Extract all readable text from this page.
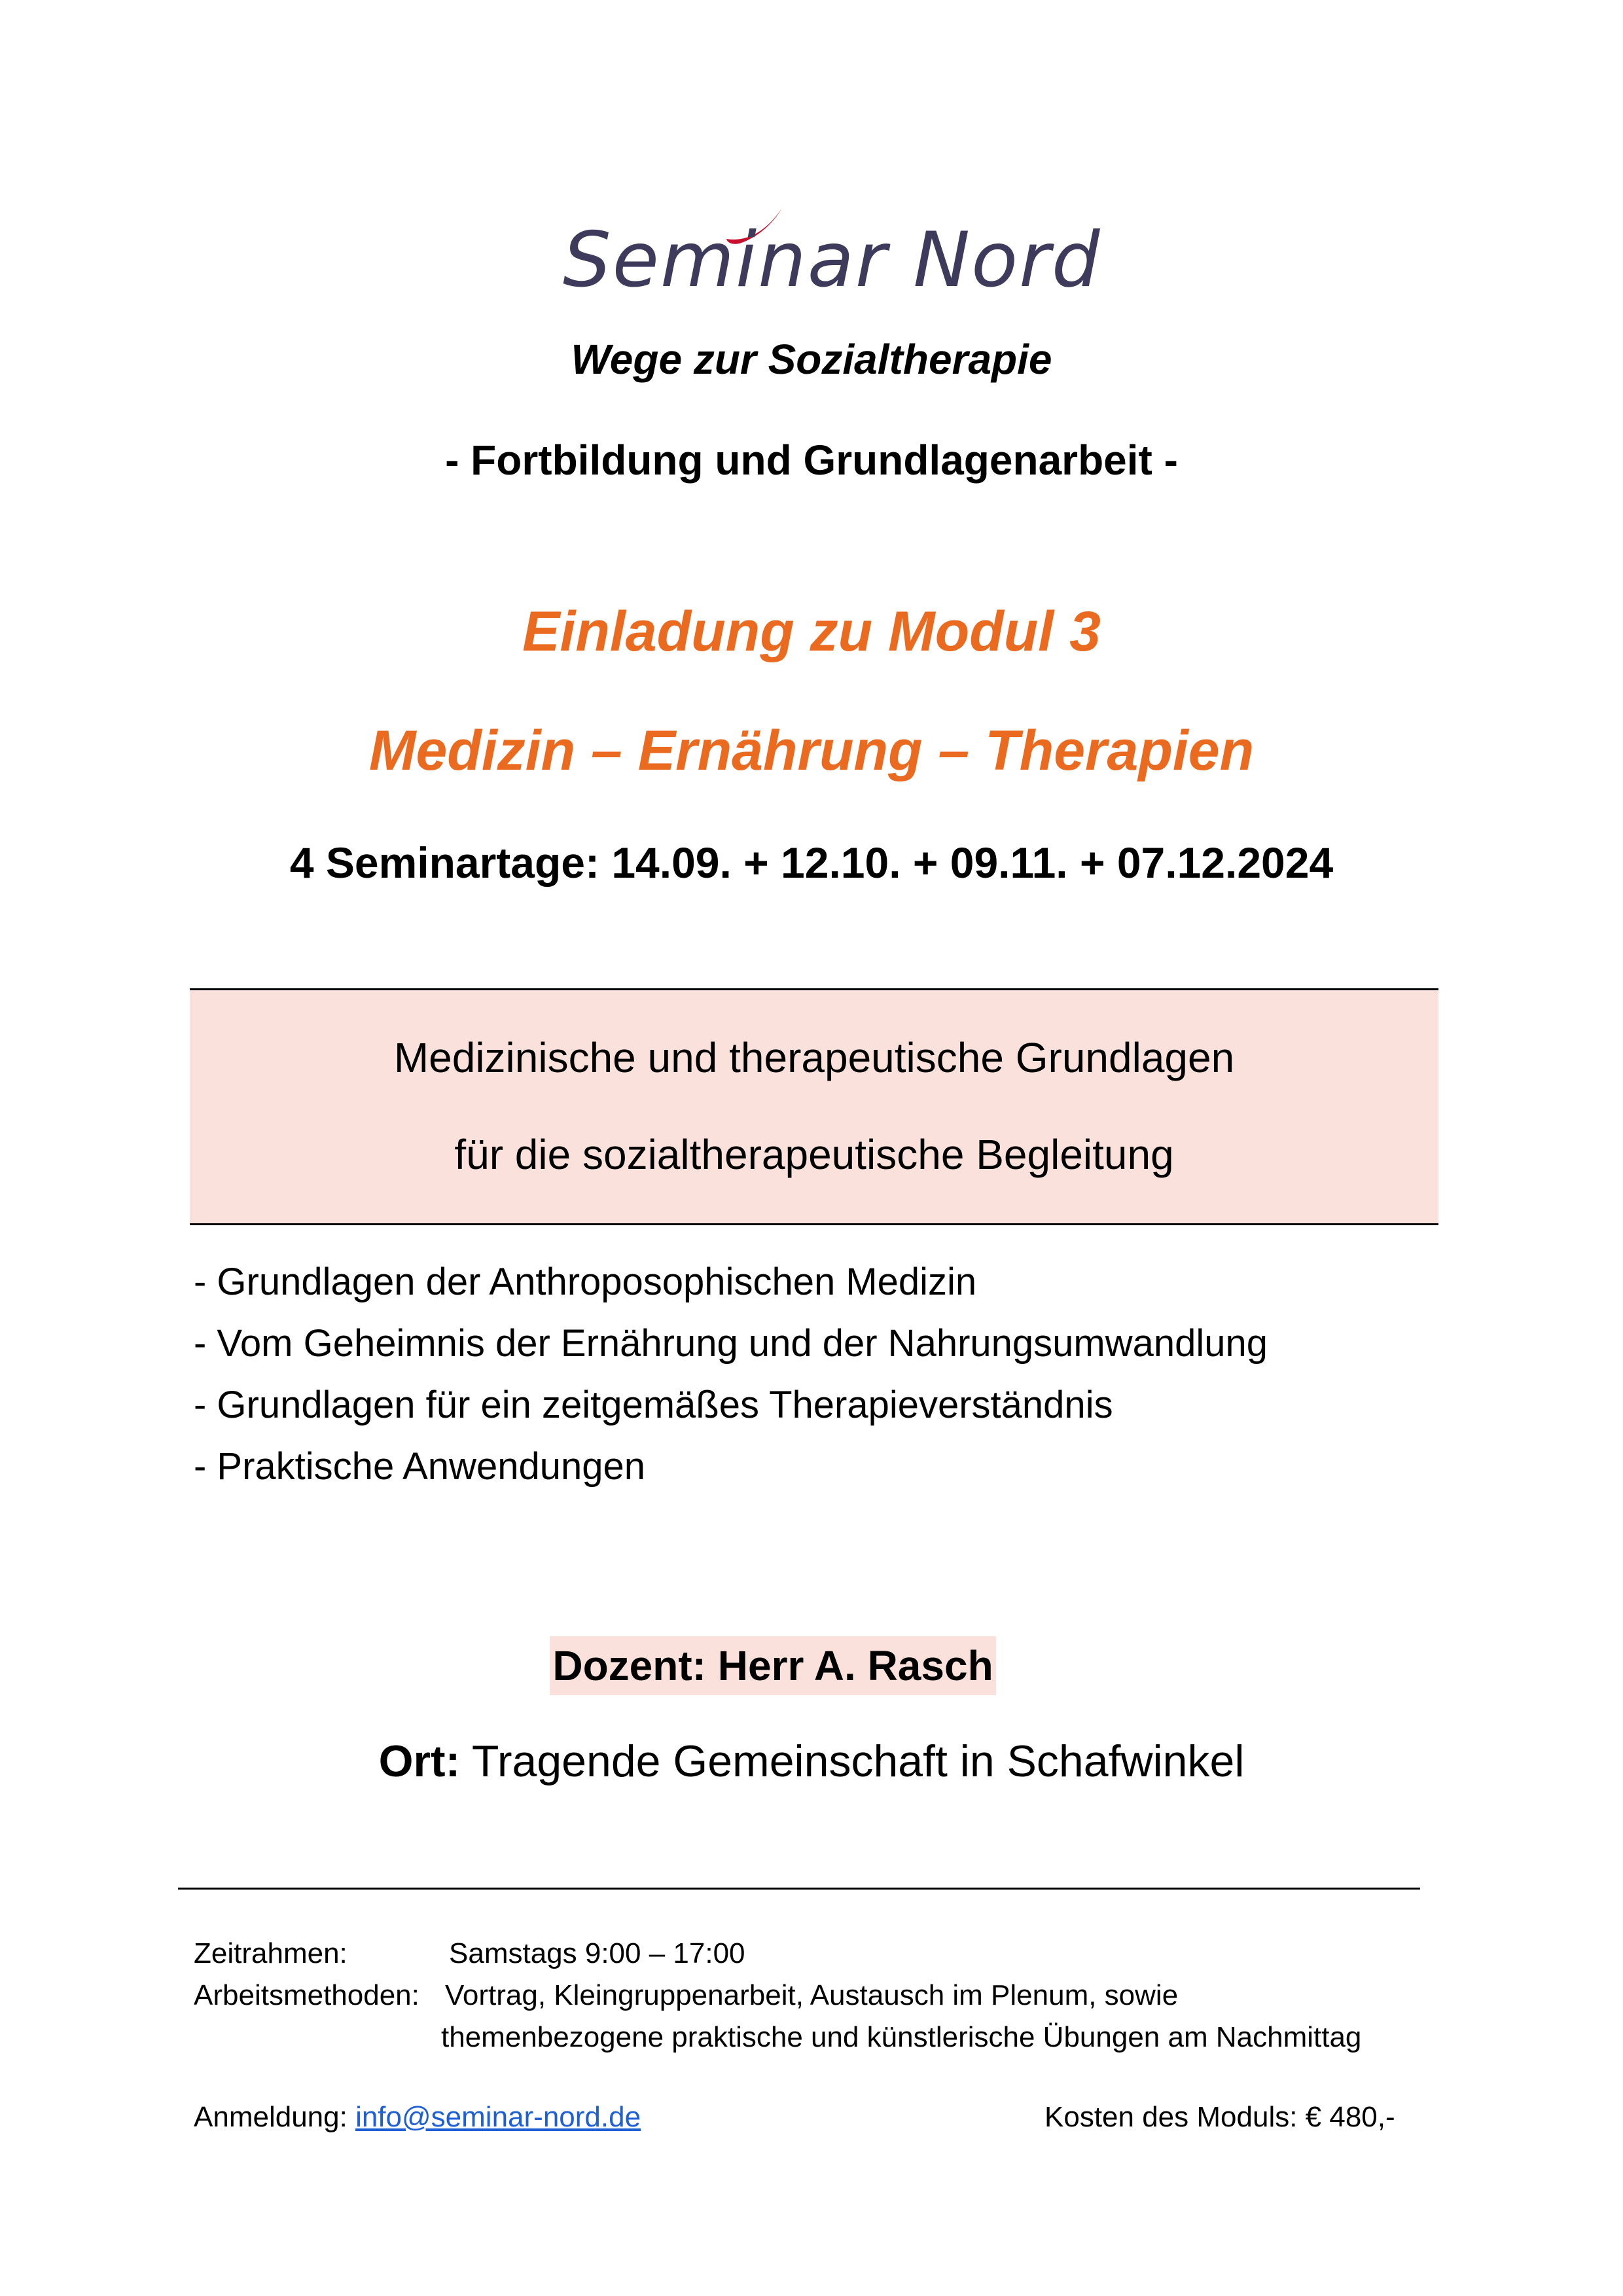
Seminar Nord
Wege zur Sozialtherapie
- Fortbildung und Grundlagenarbeit -
Einladung zu Modul 3
Medizin – Ernährung – Therapien
4 Seminartage: 14.09. + 12.10. + 09.11. + 07.12.2024
Medizinische und therapeutische Grundlagen
für die sozialtherapeutische Begleitung
- Grundlagen der Anthroposophischen Medizin
- Vom Geheimnis der Ernährung und der Nahrungsumwandlung
- Grundlagen für ein zeitgemäßes Therapieverständnis
- Praktische Anwendungen
Dozent: Herr A. Rasch
Ort: Tragende Gemeinschaft in Schafwinkel
Zeitrahmen:	Samstags 9:00 – 17:00
Arbeitsmethoden: Vortrag, Kleingruppenarbeit, Austausch im Plenum, sowie
themenbezogene praktische und künstlerische Übungen am Nachmittag
Anmeldung: info@seminar-nord.de	Kosten des Moduls: € 480,-
